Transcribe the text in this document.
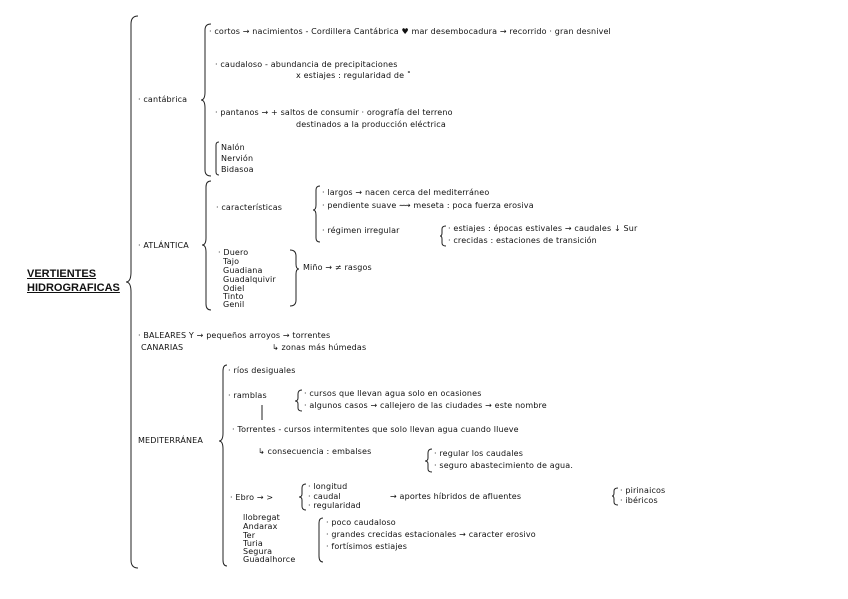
VERTIENTES
HIDROGRAFICAS
· cantábrica
· cortos → nacimientos - Cordillera Cantábrica ♥ mar desembocadura → recorrido · gran desnivel
· caudaloso - abundancia de precipitaciones
x estiajes : regularidad de ˚
· pantanos → + saltos de consumir · orografía del terreno
destinados a la producción eléctrica
Nalón
Nervión
Bidasoa
· ATLÁNTICA
· características
· largos → nacen cerca del mediterráneo
· pendiente suave ⟿ meseta : poca fuerza erosiva
· régimen irregular	· estiajes : épocas estivales → caudales ↓ Sur
· crecidas : estaciones de transición
· Duero
Tajo
Guadiana
Guadalquivir
Odiel
Tinto
Genil
Miño → ≠ rasgos
· BALEARES Y → pequeños arroyos → torrentes
CANARIAS	↳ zonas más húmedas
MEDITERRÁNEA
· ríos desiguales
· ramblas	· cursos que llevan agua solo en ocasiones
· algunos casos → callejero de las ciudades → este nombre
· Torrentes - cursos intermitentes que solo llevan agua cuando llueve
↳ consecuencia : embalses	· regular los caudales
· seguro abastecimiento de agua.
· Ebro → >
· longitud
· caudal
· regularidad
→ aportes híbridos de afluentes
· pirinaicos
· ibéricos
llobregat
Andarax
Ter
Turia
Segura
Guadalhorce
· poco caudaloso
· grandes crecidas estacionales → caracter erosivo
· fortísimos estiajes
